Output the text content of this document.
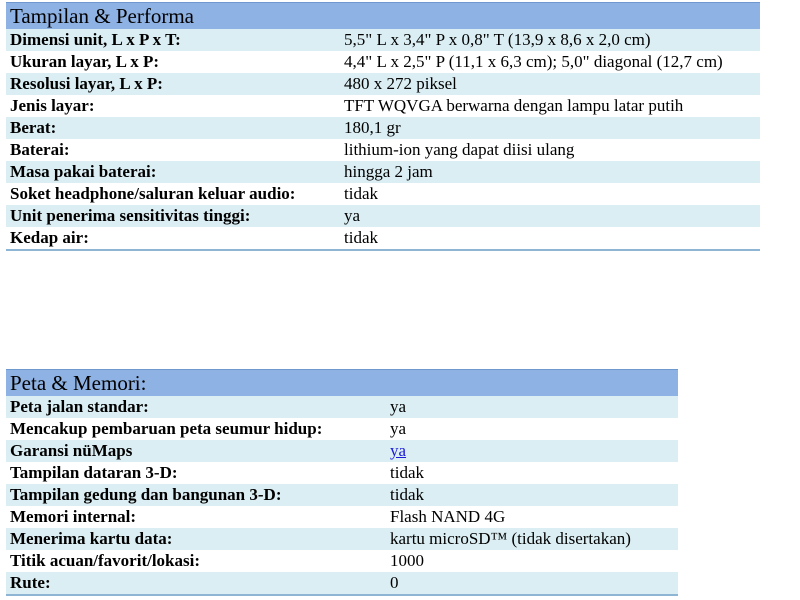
Tampilan & Performa	
Dimensi unit, L x P x T:	5,5" L x 3,4" P x 0,8" T (13,9 x 8,6 x 2,0 cm)
Ukuran layar, L x P:	4,4" L x 2,5" P (11,1 x 6,3 cm); 5,0" diagonal (12,7 cm)
Resolusi layar, L x P:	480 x 272 piksel
Jenis layar:	TFT WQVGA berwarna dengan lampu latar putih
Berat:	180,1 gr
Baterai:	lithium-ion yang dapat diisi ulang
Masa pakai baterai:	hingga 2 jam
Soket headphone/saluran keluar audio:	tidak
Unit penerima sensitivitas tinggi:	ya
Kedap air:	tidak
Peta & Memori:	
Peta jalan standar:	ya
Mencakup pembaruan peta seumur hidup:	ya
Garansi nüMaps	ya
Tampilan dataran 3-D:	tidak
Tampilan gedung dan bangunan 3-D:	tidak
Memori internal:	Flash NAND 4G
Menerima kartu data:	kartu microSD™ (tidak disertakan)
Titik acuan/favorit/lokasi:	1000
Rute:	0
